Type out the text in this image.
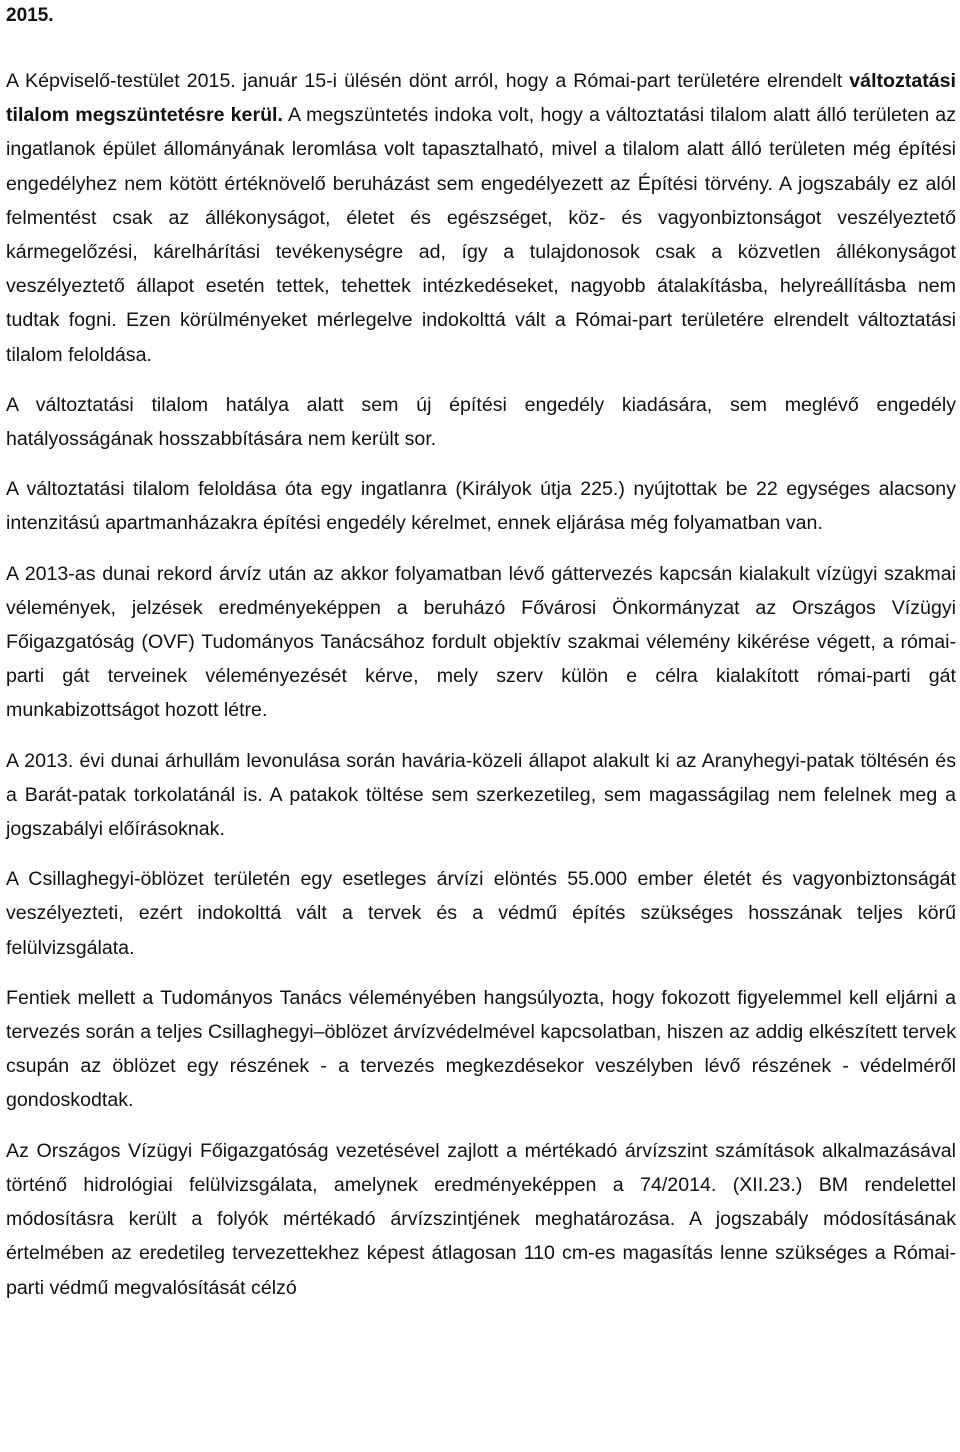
2015.

A Képviselő-testület 2015. január 15-i ülésén dönt arról, hogy a Római-part területére elrendelt változtatási tilalom megszüntetésre kerül. A megszüntetés indoka volt, hogy a változtatási tilalom alatt álló területen az ingatlanok épület állományának leromlása volt tapasztalható, mivel a tilalom alatt álló területen még építési engedélyhez nem kötött értéknövelő beruházást sem engedélyezett az Építési törvény. A jogszabály ez alól felmentést csak az állékonyságot, életet és egészséget, köz- és vagyonbiztonságot veszélyeztető kármegelőzési, kárelhárítási tevékenységre ad, így a tulajdonosok csak a közvetlen állékonyságot veszélyeztető állapot esetén tettek, tehettek intézkedéseket, nagyobb átalakításba, helyreállításba nem tudtak fogni. Ezen körülményeket mérlegelve indokolttá vált a Római-part területére elrendelt változtatási tilalom feloldása.

A változtatási tilalom hatálya alatt sem új építési engedély kiadására, sem meglévő engedély hatályosságának hosszabbítására nem került sor.

A változtatási tilalom feloldása óta egy ingatlanra (Királyok útja 225.) nyújtottak be 22 egységes alacsony intenzitású apartmanházakra építési engedély kérelmet, ennek eljárása még folyamatban van.

A 2013-as dunai rekord árvíz után az akkor folyamatban lévő gáttervezés kapcsán kialakult vízügyi szakmai vélemények, jelzések eredményeképpen a beruházó Fővárosi Önkormányzat az Országos Vízügyi Főigazgatóság (OVF) Tudományos Tanácsához fordult objektív szakmai vélemény kikérése végett, a római-parti gát terveinek véleményezését kérve, mely szerv külön e célra kialakított római-parti gát munkabizottságot hozott létre.

A 2013. évi dunai árhullám levonulása során havária-közeli állapot alakult ki az Aranyhegyi-patak töltésén és a Barát-patak torkolatánál is. A patakok töltése sem szerkezetileg, sem magasságilag nem felelnek meg a jogszabályi előírásoknak.

A Csillaghegyi-öblözet területén egy esetleges árvízi elöntés 55.000 ember életét és vagyonbiztonságát veszélyezteti, ezért indokolttá vált a tervek és a védmű építés szükséges hosszának teljes körű felülvizsgálata.

Fentiek mellett a Tudományos Tanács véleményében hangsúlyozta, hogy fokozott figyelemmel kell eljárni a tervezés során a teljes Csillaghegyi–öblözet árvízvédelmével kapcsolatban, hiszen az addig elkészített tervek csupán az öblözet egy részének - a tervezés megkezdésekor veszélyben lévő részének - védelméről gondoskodtak.

Az Országos Vízügyi Főigazgatóság vezetésével zajlott a mértékadó árvízszint számítások alkalmazásával történő hidrológiai felülvizsgálata, amelynek eredményeképpen a 74/2014. (XII.23.) BM rendelettel módosításra került a folyók mértékadó árvízszintjének meghatározása. A jogszabály módosításának értelmében az eredetileg tervezettekhez képest átlagosan 110 cm-es magasítás lenne szükséges a Római-parti védmű megvalósítását célzó
